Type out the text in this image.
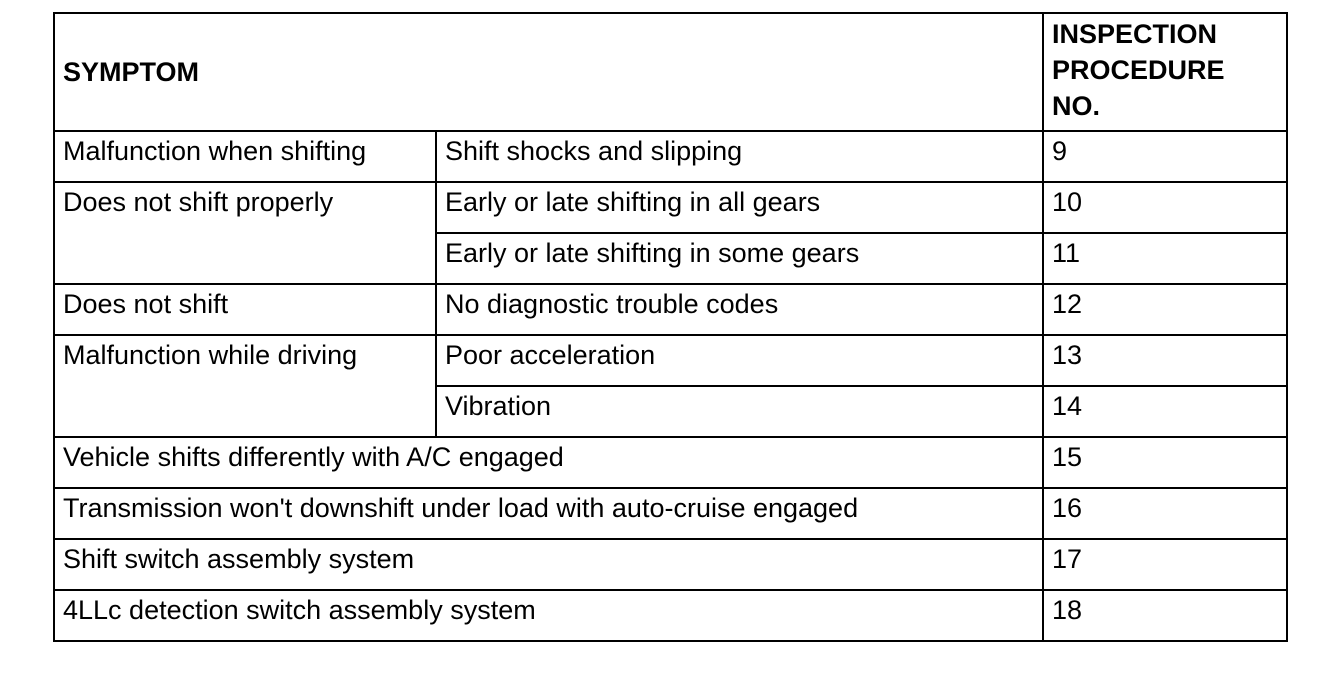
SYMPTOM		INSPECTION PROCEDURE NO.
Malfunction when shifting	Shift shocks and slipping	9
Does not shift properly	Early or late shifting in all gears	10
	Early or late shifting in some gears	11
Does not shift	No diagnostic trouble codes	12
Malfunction while driving	Poor acceleration	13
	Vibration	14
Vehicle shifts differently with A/C engaged		15
Transmission won't downshift under load with auto-cruise engaged		16
Shift switch assembly system		17
4LLc detection switch assembly system		18
